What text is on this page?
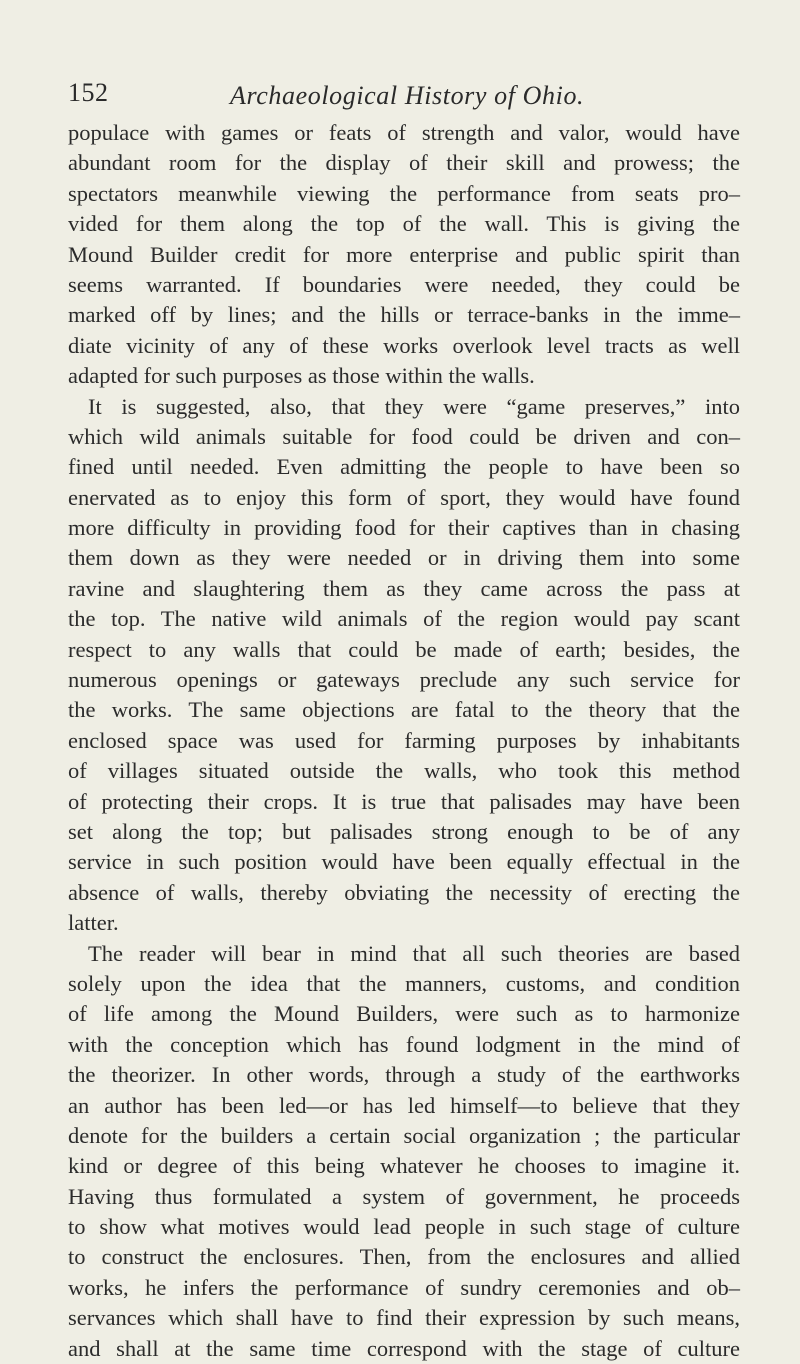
152	Archaeological History of Ohio.
populace with games or feats of strength and valor, would have
abundant room for the display of their skill and prowess; the
spectators meanwhile viewing the performance from seats pro–
vided for them along the top of the wall. This is giving the
Mound Builder credit for more enterprise and public spirit than
seems warranted. If boundaries were needed, they could be
marked off by lines; and the hills or terrace-banks in the imme–
diate vicinity of any of these works overlook level tracts as well
adapted for such purposes as those within the walls.
It is suggested, also, that they were “game preserves,” into
which wild animals suitable for food could be driven and con–
fined until needed. Even admitting the people to have been so
enervated as to enjoy this form of sport, they would have found
more difficulty in providing food for their captives than in chasing
them down as they were needed or in driving them into some
ravine and slaughtering them as they came across the pass at
the top. The native wild animals of the region would pay scant
respect to any walls that could be made of earth; besides, the
numerous openings or gateways preclude any such service for
the works. The same objections are fatal to the theory that the
enclosed space was used for farming purposes by inhabitants
of villages situated outside the walls, who took this method
of protecting their crops. It is true that palisades may have been
set along the top; but palisades strong enough to be of any
service in such position would have been equally effectual in the
absence of walls, thereby obviating the necessity of erecting the
latter.
The reader will bear in mind that all such theories are based
solely upon the idea that the manners, customs, and condition
of life among the Mound Builders, were such as to harmonize
with the conception which has found lodgment in the mind of
the theorizer. In other words, through a study of the earthworks
an author has been led—or has led himself—to believe that they
denote for the builders a certain social organization ; the particular
kind or degree of this being whatever he chooses to imagine it.
Having thus formulated a system of government, he proceeds
to show what motives would lead people in such stage of culture
to construct the enclosures. Then, from the enclosures and allied
works, he infers the performance of sundry ceremonies and ob–
servances which shall have to find their expression by such means,
and shall at the same time correspond with the stage of culture
